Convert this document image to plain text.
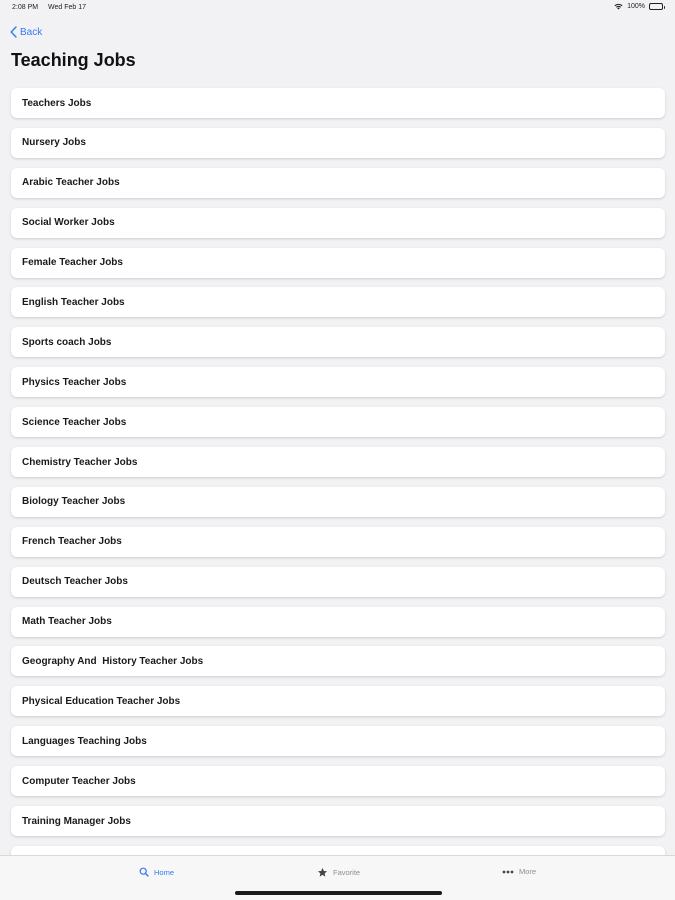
2:08 PM Wed Feb 17	100%
Back
Teaching Jobs
Teachers Jobs
Nursery Jobs
Arabic Teacher Jobs
Social Worker Jobs
Female Teacher Jobs
English Teacher Jobs
Sports coach Jobs
Physics Teacher Jobs
Science Teacher Jobs
Chemistry Teacher Jobs
Biology Teacher Jobs
French Teacher Jobs
Deutsch Teacher Jobs
Math Teacher Jobs
Geography And  History Teacher Jobs
Physical Education Teacher Jobs
Languages Teaching Jobs
Computer Teacher Jobs
Training Manager Jobs
Home	Favorite	More
